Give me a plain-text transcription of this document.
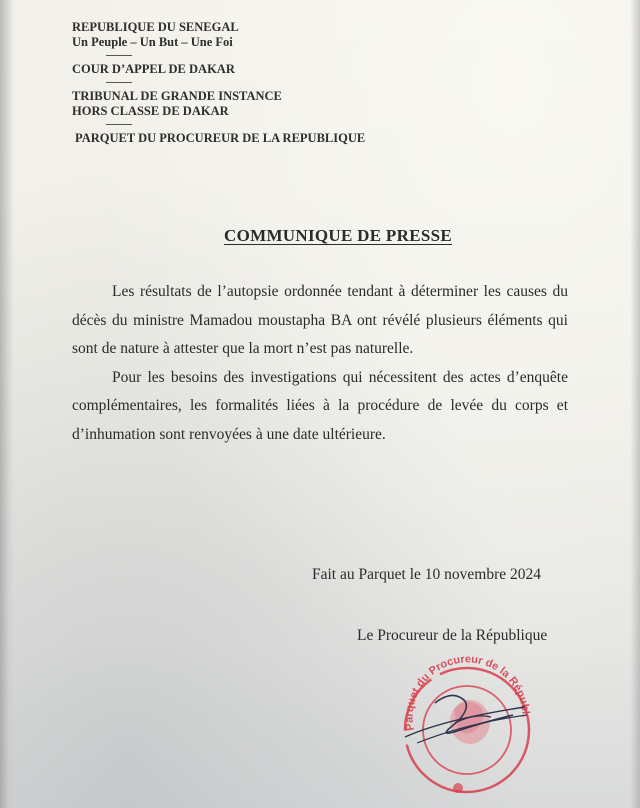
REPUBLIQUE DU SENEGAL
Un Peuple – Un But – Une Foi
COUR D’APPEL DE DAKAR
TRIBUNAL DE GRANDE INSTANCE
HORS CLASSE DE DAKAR
PARQUET DU PROCUREUR DE LA REPUBLIQUE
COMMUNIQUE DE PRESSE

Les résultats de l’autopsie ordonnée tendant à déterminer les causes du décès du ministre Mamadou moustapha BA ont révélé plusieurs éléments qui sont de nature à attester que la mort n’est pas naturelle.

Pour les besoins des investigations qui nécessitent des actes d’enquête complémentaires, les formalités liées à la procédure de levée du corps et d’inhumation sont renvoyées à une date ultérieure.

Fait au Parquet le 10 novembre 2024
Le Procureur de la République
Parquet du Procureur de la Républ.
